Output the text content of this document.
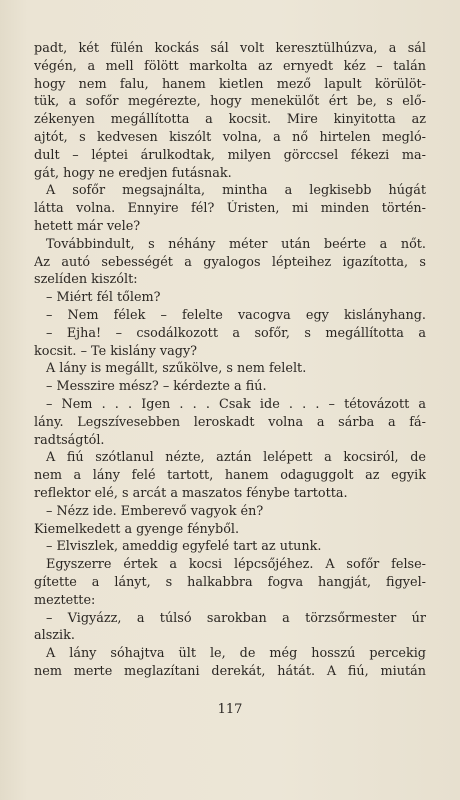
padt, két fülén kockás sál volt keresztülhúzva, a sál
végén, a mell fölött markolta az ernyedt kéz – talán
hogy nem falu, hanem kietlen mező lapult körülöt-
tük, a sofőr megérezte, hogy menekülőt ért be, s elő-
zékenyen megállította a kocsit. Mire kinyitotta az
ajtót, s kedvesen kiszólt volna, a nő hirtelen megló-
dult – léptei árulkodtak, milyen görccsel fékezi ma-
gát, hogy ne eredjen futásnak.
A sofőr megsajnálta, mintha a legkisebb húgát
látta volna. Ennyire fél? Úristen, mi minden történ-
hetett már vele?
Továbbindult, s néhány méter után beérte a nőt.
Az autó sebességét a gyalogos lépteihez igazította, s
szelíden kiszólt:
– Miért fél tőlem?
– Nem félek – felelte vacogva egy kislányhang.
– Ejha! – csodálkozott a sofőr, s megállította a
kocsit. – Te kislány vagy?
A lány is megállt, szűkölve, s nem felelt.
– Messzire mész? – kérdezte a fiú.
– Nem . . . Igen . . . Csak ide . . . – tétovázott a
lány. Legszívesebben leroskadt volna a sárba a fá-
radtságtól.
A fiú szótlanul nézte, aztán lelépett a kocsiról, de
nem a lány felé tartott, hanem odaguggolt az egyik
reflektor elé, s arcát a maszatos fénybe tartotta.
– Nézz ide. Emberevő vagyok én?
Kiemelkedett a gyenge fényből.
– Elviszlek, ameddig egyfelé tart az utunk.
Egyszerre értek a kocsi lépcsőjéhez. A sofőr felse-
gítette a lányt, s halkabbra fogva hangját, figyel-
meztette:
– Vigyázz, a túlsó sarokban a törzsőrmester úr
alszik.
A lány sóhajtva ült le, de még hosszú percekig
nem merte meglazítani derekát, hátát. A fiú, miután
117
